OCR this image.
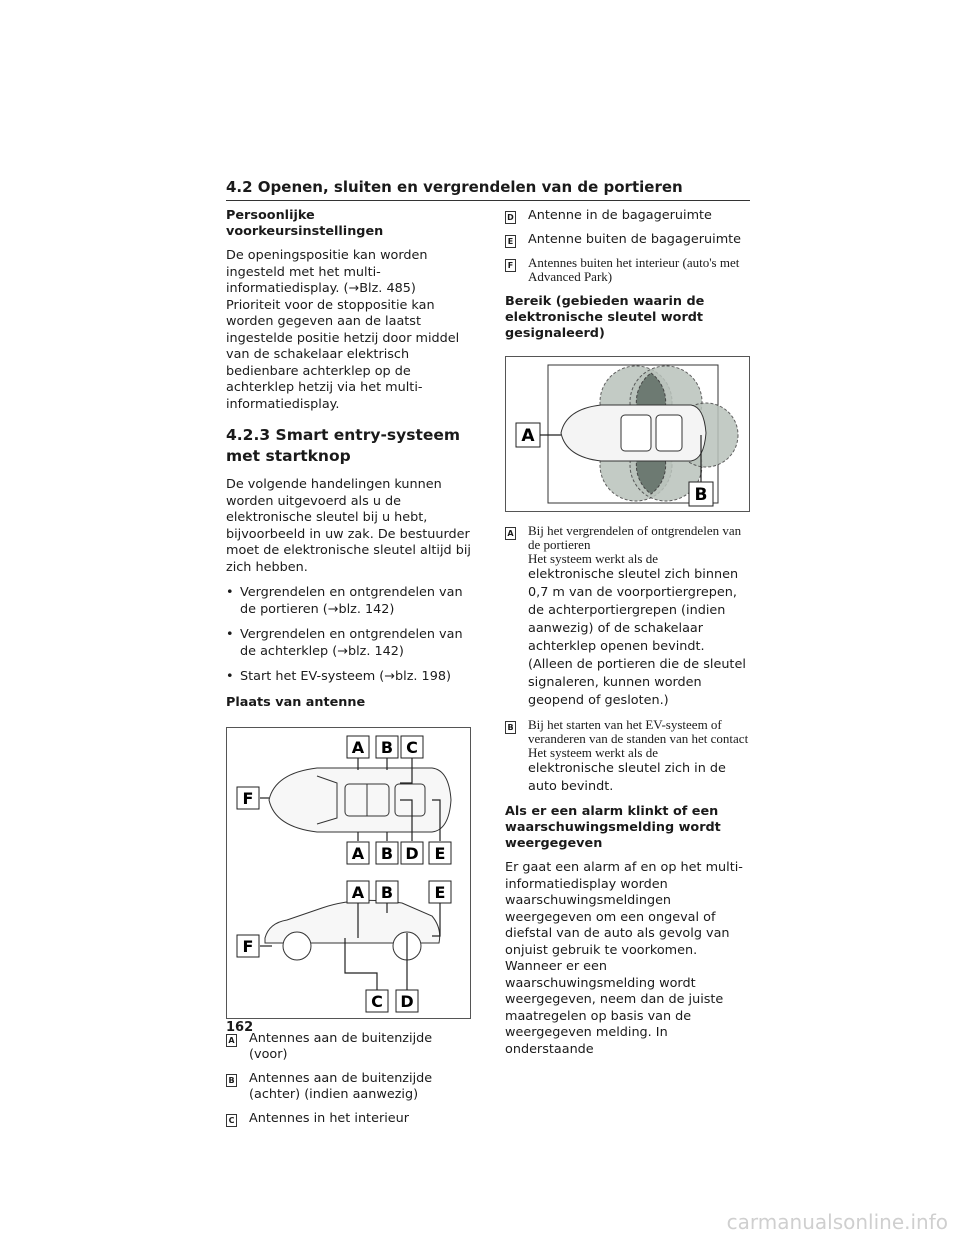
4.2 Openen, sluiten en vergrendelen van de portieren
Persoonlijke voorkeursinstellingen

De openingspositie kan worden ingesteld met het multi-informatiedisplay. (→Blz. 485) Prioriteit voor de stoppositie kan worden gegeven aan de laatst ingestelde positie hetzij door middel van de schakelaar elektrisch bedienbare achterklep op de achterklep hetzij via het multi-informatiedisplay.

4.2.3 Smart entry-systeem met startknop

De volgende handelingen kunnen worden uitgevoerd als u de elektronische sleutel bij u hebt, bijvoorbeeld in uw zak. De bestuurder moet de elektronische sleutel altijd bij zich hebben.

• Vergrendelen en ontgrendelen van de portieren (→blz. 142)
• Vergrendelen en ontgrendelen van de achterklep (→blz. 142)
• Start het EV-systeem (→blz. 198)
Plaats van antenne
A B C
F
A B D E
A B	E
F
C D
A Antennes aan de buitenzijde (voor)
B Antennes aan de buitenzijde (achter) (indien aanwezig)
C Antennes in het interieur
D Antenne in de bagageruimte
E Antenne buiten de bagageruimte
F Antennes buiten het interieur (auto's met Advanced Park)
Bereik (gebieden waarin de elektronische sleutel wordt gesignaleerd)
A
B
A Bij het vergrendelen of ontgrendelen van de portieren
Het systeem werkt als de
elektronische sleutel zich binnen 0,7 m van de voorportiergrepen, de achterportiergrepen (indien aanwezig) of de schakelaar achterklep openen bevindt. (Alleen de portieren die de sleutel signaleren, kunnen worden geopend of gesloten.)
B Bij het starten van het EV-systeem of veranderen van de standen van het contact
Het systeem werkt als de
elektronische sleutel zich in de auto bevindt.
Als er een alarm klinkt of een waarschuwingsmelding wordt weergegeven

Er gaat een alarm af en op het multi-informatiedisplay worden waarschuwingsmeldingen weergegeven om een ongeval of diefstal van de auto als gevolg van onjuist gebruik te voorkomen. Wanneer er een waarschuwingsmelding wordt weergegeven, neem dan de juiste maatregelen op basis van de weergegeven melding. In onderstaande

162
carmanualsonline.info
